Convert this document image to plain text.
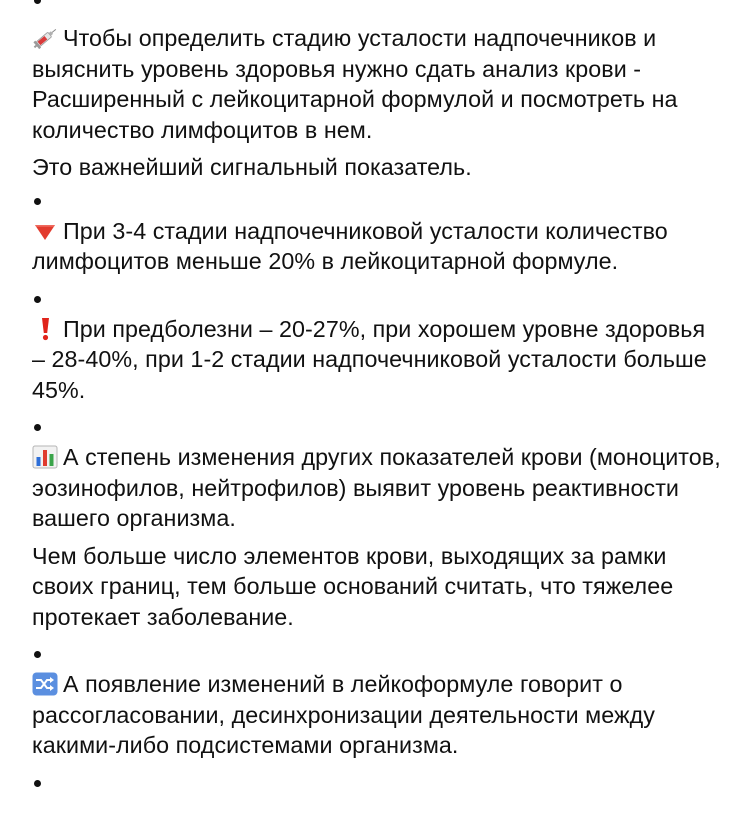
Чтобы определить стадию усталости надпочечников и выяснить уровень здоровья нужно сдать анализ крови - Расширенный с лейкоцитарной формулой и посмотреть на количество лимфоцитов в нем.

Это важнейший сигнальный показатель.

При 3-4 стадии надпочечниковой усталости количество лимфоцитов меньше 20% в лейкоцитарной формуле.

При предболезни – 20-27%, при хорошем уровне здоровья – 28-40%, при 1-2 стадии надпочечниковой усталости больше 45%.

А степень изменения других показателей крови (моноцитов, эозинофилов, нейтрофилов) выявит уровень реактивности вашего организма.

Чем больше число элементов крови, выходящих за рамки своих границ, тем больше оснований считать, что тяжелее протекает заболевание.

А появление изменений в лейкоформуле говорит о рассогласовании, десинхронизации деятельности между какими-либо подсистемами организма.
